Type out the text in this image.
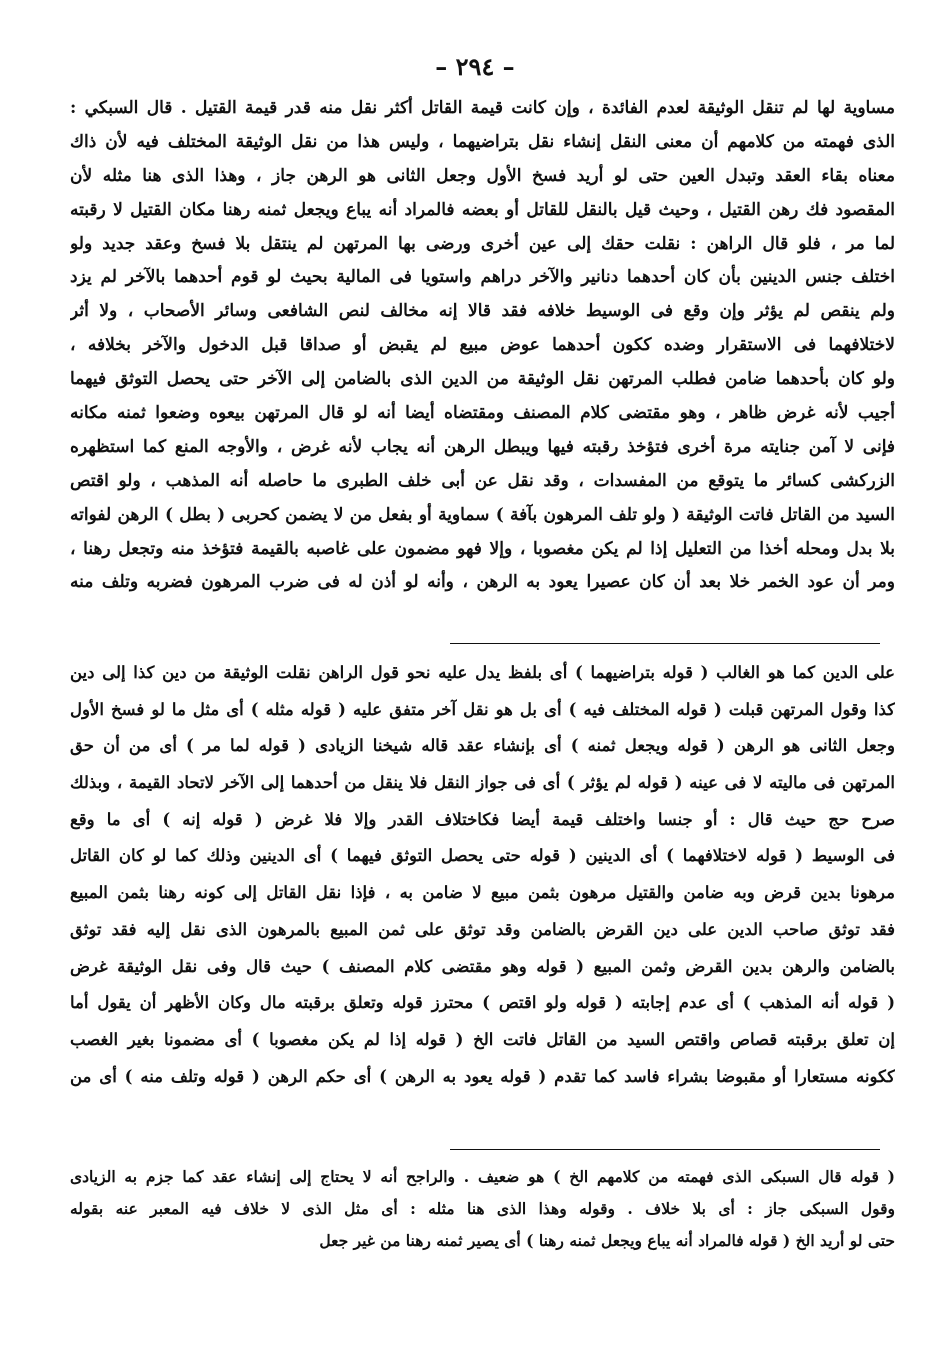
– ٢٩٤ –
مساوية لها لم تنقل الوثيقة لعدم الفائدة ، وإن كانت قيمة القاتل أكثر نقل منه قدر قيمة القتيل . قال السبكي :
الذى فهمته من كلامهم أن معنى النقل إنشاء نقل بتراضيهما ، وليس هذا من نقل الوثيقة المختلف فيه لأن ذاك
معناه بقاء العقد وتبدل العين حتى لو أريد فسخ الأول وجعل الثانى هو الرهن جاز ، وهذا الذى هنا مثله لأن
المقصود فك رهن القتيل ، وحيث قيل بالنقل للقاتل أو بعضه فالمراد أنه يباع ويجعل ثمنه رهنا مكان القتيل لا رقبته
لما مر ، فلو قال الراهن : نقلت حقك إلى عين أخرى ورضى بها المرتهن لم ينتقل بلا فسخ وعقد جديد ولو
اختلف جنس الدينين بأن كان أحدهما دنانير والآخر دراهم واستويا فى المالية بحيث لو قوم أحدهما بالآخر لم يزد
ولم ينقص لم يؤثر وإن وقع فى الوسيط خلافه فقد قالا إنه مخالف لنص الشافعى وسائر الأصحاب ، ولا أثر
لاختلافهما فى الاستقرار وضده ككون أحدهما عوض مبيع لم يقبض أو صداقا قبل الدخول والآخر بخلافه ،
ولو كان بأحدهما ضامن فطلب المرتهن نقل الوثيقة من الدين الذى بالضامن إلى الآخر حتى يحصل التوثق فيهما
أجيب لأنه غرض ظاهر ، وهو مقتضى كلام المصنف ومقتضاه أيضا أنه لو قال المرتهن بيعوه وضعوا ثمنه مكانه
فإنى لا آمن جنايته مرة أخرى فتؤخذ رقبته فيها ويبطل الرهن أنه يجاب لأنه غرض ، والأوجه المنع كما استظهره
الزركشى كسائر ما يتوقع من المفسدات ، وقد نقل عن أبى خلف الطبرى ما حاصله أنه المذهب ، ولو اقتص
السيد من القاتل فاتت الوثيقة ( ولو تلف المرهون بآفة ) سماوية أو بفعل من لا يضمن كحربى ( بطل ) الرهن لفواته
بلا بدل ومحله أخذا من التعليل إذا لم يكن مغصوبا ، وإلا فهو مضمون على غاصبه بالقيمة فتؤخذ منه وتجعل رهنا ،
ومر أن عود الخمر خلا بعد أن كان عصيرا يعود به الرهن ، وأنه لو أذن له فى ضرب المرهون فضربه وتلف منه
على الدين كما هو الغالب ( قوله بتراضيهما ) أى بلفظ يدل عليه نحو قول الراهن نقلت الوثيقة من دين كذا إلى دين
كذا وقول المرتهن قبلت ( قوله المختلف فيه ) أى بل هو نقل آخر متفق عليه ( قوله مثله ) أى مثل ما لو فسخ الأول
وجعل الثانى هو الرهن ( قوله ويجعل ثمنه ) أى بإنشاء عقد قاله شيخنا الزيادى ( قوله لما مر ) أى من أن حق
المرتهن فى ماليته لا فى عينه ( قوله لم يؤثر ) أى فى جواز النقل فلا ينقل من أحدهما إلى الآخر لاتحاد القيمة ، وبذلك
صرح حج حيث قال : أو جنسا واختلف قيمة أيضا فكاختلاف القدر وإلا فلا غرض ( قوله إنه ) أى ما وقع
فى الوسيط ( قوله لاختلافهما ) أى الدينين ( قوله حتى يحصل التوثق فيهما ) أى الدينين وذلك كما لو كان القاتل
مرهونا بدين قرض وبه ضامن والقتيل مرهون بثمن مبيع لا ضامن به ، فإذا نقل القاتل إلى كونه رهنا بثمن المبيع
فقد توثق صاحب الدين على دين القرض بالضامن وقد توثق على ثمن المبيع بالمرهون الذى نقل إليه فقد توثق
بالضامن والرهن بدين القرض وثمن المبيع ( قوله وهو مقتضى كلام المصنف ) حيث قال وفى نقل الوثيقة غرض
( قوله أنه المذهب ) أى عدم إجابته ( قوله ولو اقتص ) محترز قوله وتعلق برقبته مال وكان الأظهر أن يقول أما
إن تعلق برقبته قصاص واقتص السيد من القاتل فاتت الخ ( قوله إذا لم يكن مغصوبا ) أى مضمونا بغير الغصب
ككونه مستعارا أو مقبوضا بشراء فاسد كما تقدم ( قوله يعود به الرهن ) أى حكم الرهن ( قوله وتلف منه ) أى من
( قوله قال السبكى الذى فهمته من كلامهم الخ ) هو ضعيف . والراجح أنه لا يحتاج إلى إنشاء عقد كما جزم به الزيادى
وقول السبكى جاز : أى بلا خلاف . وقوله وهذا الذى هنا مثله : أى مثل الذى لا خلاف فيه المعبر عنه بقوله
حتى لو أريد الخ ( قوله فالمراد أنه يباع ويجعل ثمنه رهنا ) أى يصير ثمنه رهنا من غير جعل
